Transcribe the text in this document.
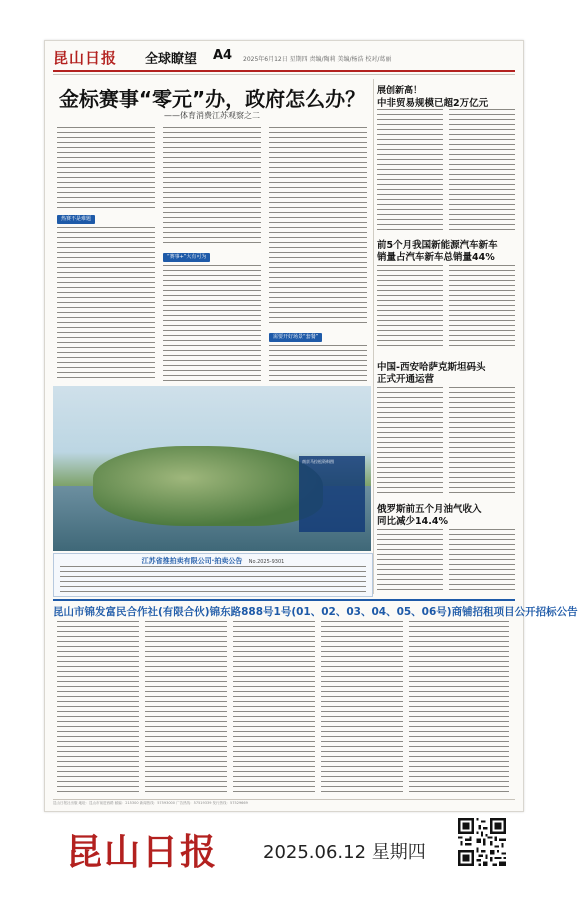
昆山日报 全球瞭望 A4 2025年6月12日 星期四 责编/陶莉 美编/杨浩 校对/葛丽
金标赛事“零元”办，政府怎么办？
——体育消费江苏观察之二
热赛不是难题
“赛事+”大有可为
需要开好场景“套餐”
南京马拉松资料图
江苏省推拍卖有限公司·拍卖公告 No.2025-9301
展创新高！
中非贸易规模已超2万亿元
前5个月我国新能源汽车新车
销量占汽车新车总销量44%
中国-西安哈萨克斯坦码头
正式开通运营
俄罗斯前五个月油气收入
同比减少14.4%
昆山市锦发富民合作社(有限合伙)锦东路888号1号(01、02、03、04、05、06号)商铺招租项目公开招标公告
昆山日报社出版 地址：昆山市前进西路 邮编：215300 新闻热线：57593000 广告热线：57519339 发行热线：57529669
昆山日报 2025.06.12 星期四
